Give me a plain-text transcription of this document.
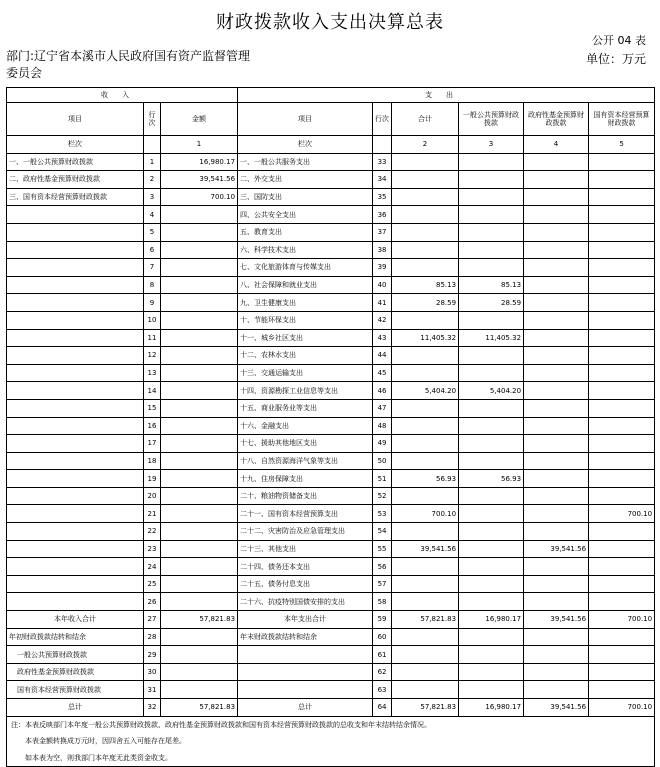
财政拨款收入支出决算总表
公开 04 表
部门:辽宁省本溪市人民政府国有资产监督管理委员会
单位：万元
收入			支出					
项目	行次	金额	项目	行次	合计	一般公共预算财政拨款	政府性基金预算财政拨款	国有资本经营预算财政拨款
栏次		1	栏次		2	3	4	5
一、一般公共预算财政拨款	1	16,980.17	一、一般公共服务支出	33				
二、政府性基金预算财政拨款	2	39,541.56	二、外交支出	34				
三、国有资本经营预算财政拨款	3	700.10	三、国防支出	35				
	4		四、公共安全支出	36				
	5		五、教育支出	37				
	6		六、科学技术支出	38				
	7		七、文化旅游体育与传媒支出	39				
	8		八、社会保障和就业支出	40	85.13	85.13		
	9		九、卫生健康支出	41	28.59	28.59		
	10		十、节能环保支出	42				
	11		十一、城乡社区支出	43	11,405.32	11,405.32		
	12		十二、农林水支出	44				
	13		十三、交通运输支出	45				
	14		十四、资源勘探工业信息等支出	46	5,404.20	5,404.20		
	15		十五、商业服务业等支出	47				
	16		十六、金融支出	48				
	17		十七、援助其他地区支出	49				
	18		十八、自然资源海洋气象等支出	50				
	19		十九、住房保障支出	51	56.93	56.93		
	20		二十、粮油物资储备支出	52				
	21		二十一、国有资本经营预算支出	53	700.10			700.10
	22		二十二、灾害防治及应急管理支出	54				
	23		二十三、其他支出	55	39,541.56		39,541.56	
	24		二十四、债务还本支出	56				
	25		二十五、债务付息支出	57				
	26		二十六、抗疫特别国债安排的支出	58				
本年收入合计	27	57,821.83	本年支出合计	59	57,821.83	16,980.17	39,541.56	700.10
年初财政拨款结转和结余	28		年末财政拨款结转和结余	60				
一般公共预算财政拨款	29			61				
政府性基金预算财政拨款	30			62				
国有资本经营预算财政拨款	31			63				
总计	32	57,821.83	总计	64	57,821.83	16,980.17	39,541.56	700.10
注：本表反映部门本年度一般公共预算财政拨款、政府性基金预算财政拨款和国有资本经营预算财政拨款的总收支和年末结转结余情况。								
本表金额转换成万元时，因四舍五入可能存在尾差。								
如本表为空，则我部门本年度无此类资金收支。								
